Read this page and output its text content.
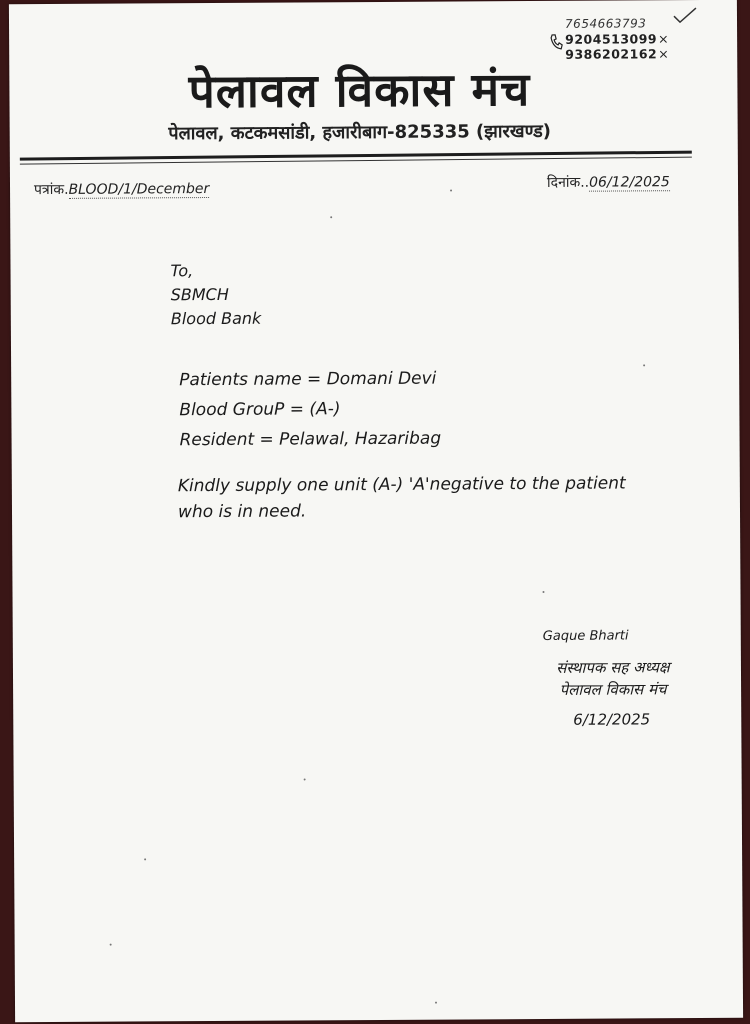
7654663793
9204513099×
9386202162×
पेलावल विकास मंच
पेलावल, कटकमसांडी, हजारीबाग-825335 (झारखण्ड)
पत्रांक.BLOOD/1/December	दिनांक..06/12/2025
To,
SBMCH
Blood Bank
Patients name = Domani Devi
Blood GrouP = (A-)
Resident = Pelawal, Hazaribag
Kindly supply one unit (A-) 'A'negative to the patient
who is in need.
Gaque Bharti
संस्थापक सह अध्यक्ष
पेलावल विकास मंच
6/12/2025
